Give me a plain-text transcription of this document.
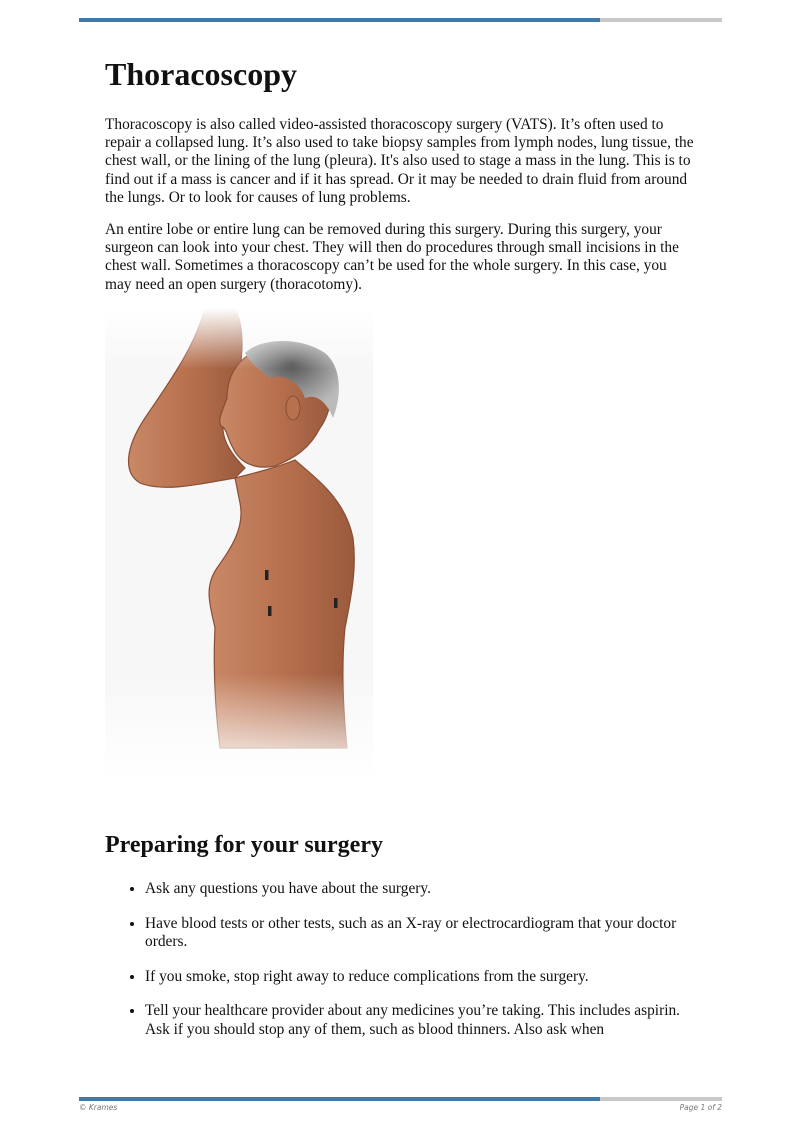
Thoracoscopy

Thoracoscopy is also called video-assisted thoracoscopy surgery (VATS). It’s often used to repair a collapsed lung. It’s also used to take biopsy samples from lymph nodes, lung tissue, the chest wall, or the lining of the lung (pleura). It's also used to stage a mass in the lung. This is to find out if a mass is cancer and if it has spread. Or it may be needed to drain fluid from around the lungs. Or to look for causes of lung problems.

An entire lobe or entire lung can be removed during this surgery. During this surgery, your surgeon can look into your chest. They will then do procedures through small incisions in the chest wall. Sometimes a thoracoscopy can’t be used for the whole surgery. In this case, you may need an open surgery (thoracotomy).

Preparing for your surgery
• Ask any questions you have about the surgery.
• Have blood tests or other tests, such as an X-ray or electrocardiogram that your doctor orders.
• If you smoke, stop right away to reduce complications from the surgery.
• Tell your healthcare provider about any medicines you’re taking. This includes aspirin. Ask if you should stop any of them, such as blood thinners. Also ask when
© Krames	Page 1 of 2
